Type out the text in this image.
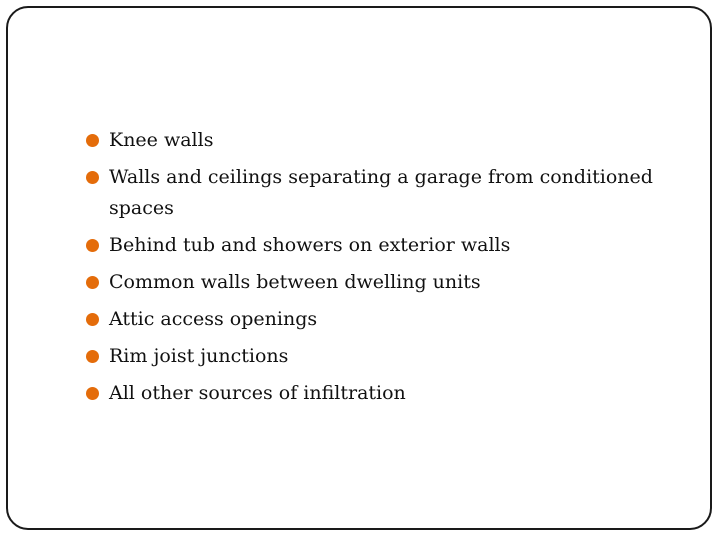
Knee walls
Walls and ceilings separating a garage from conditioned spaces
Behind tub and showers on exterior walls
Common walls between dwelling units
Attic access openings
Rim joist junctions
All other sources of infiltration
